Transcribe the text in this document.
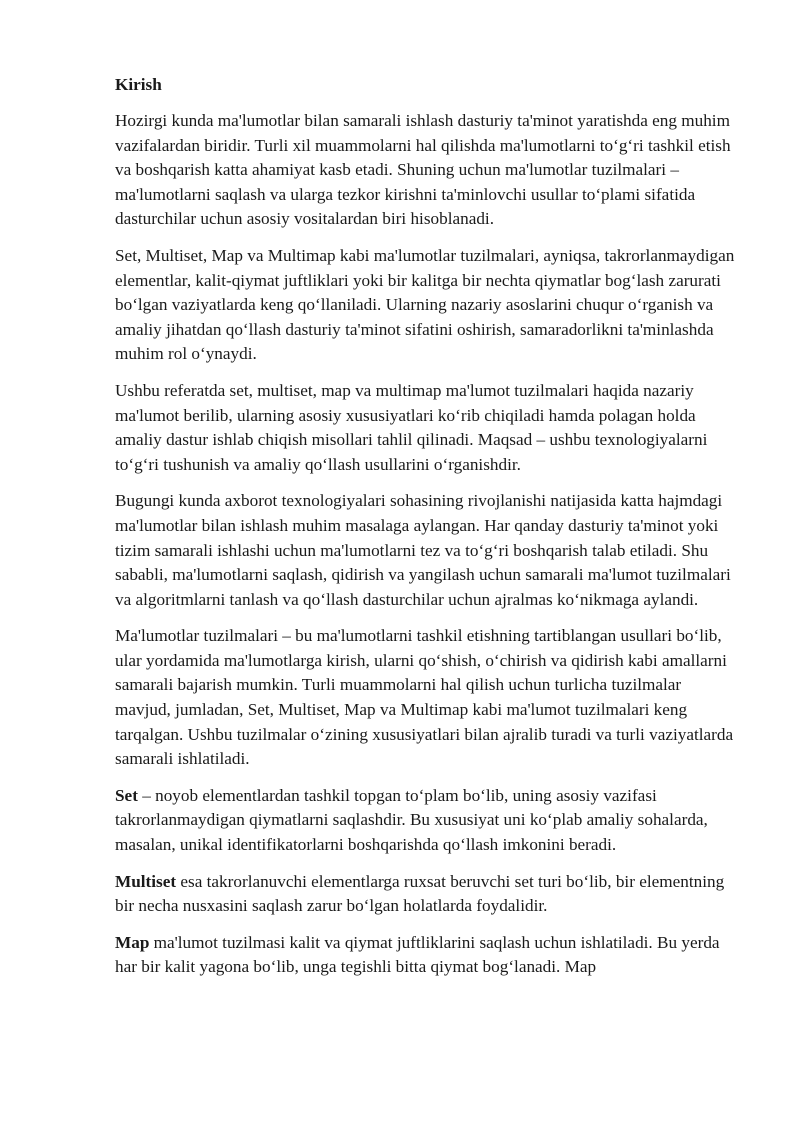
Kirish

Hozirgi kunda ma'lumotlar bilan samarali ishlash dasturiy ta'minot yaratishda eng muhim vazifalardan biridir. Turli xil muammolarni hal qilishda ma'lumotlarni to‘g‘ri tashkil etish va boshqarish katta ahamiyat kasb etadi. Shuning uchun ma'lumotlar tuzilmalari – ma'lumotlarni saqlash va ularga tezkor kirishni ta'minlovchi usullar to‘plami sifatida dasturchilar uchun asosiy vositalardan biri hisoblanadi.

Set, Multiset, Map va Multimap kabi ma'lumotlar tuzilmalari, ayniqsa, takrorlanmaydigan elementlar, kalit-qiymat juftliklari yoki bir kalitga bir nechta qiymatlar bog‘lash zarurati bo‘lgan vaziyatlarda keng qo‘llaniladi. Ularning nazariy asoslarini chuqur o‘rganish va amaliy jihatdan qo‘llash dasturiy ta'minot sifatini oshirish, samaradorlikni ta'minlashda muhim rol o‘ynaydi.

Ushbu referatda set, multiset, map va multimap ma'lumot tuzilmalari haqida nazariy ma'lumot berilib, ularning asosiy xususiyatlari ko‘rib chiqiladi hamda polagan holda amaliy dastur ishlab chiqish misollari tahlil qilinadi. Maqsad – ushbu texnologiyalarni to‘g‘ri tushunish va amaliy qo‘llash usullarini o‘rganishdir.

Bugungi kunda axborot texnologiyalari sohasining rivojlanishi natijasida katta hajmdagi ma'lumotlar bilan ishlash muhim masalaga aylangan. Har qanday dasturiy ta'minot yoki tizim samarali ishlashi uchun ma'lumotlarni tez va to‘g‘ri boshqarish talab etiladi. Shu sababli, ma'lumotlarni saqlash, qidirish va yangilash uchun samarali ma'lumot tuzilmalari va algoritmlarni tanlash va qo‘llash dasturchilar uchun ajralmas ko‘nikmaga aylandi.

Ma'lumotlar tuzilmalari – bu ma'lumotlarni tashkil etishning tartiblangan usullari bo‘lib, ular yordamida ma'lumotlarga kirish, ularni qo‘shish, o‘chirish va qidirish kabi amallarni samarali bajarish mumkin. Turli muammolarni hal qilish uchun turlicha tuzilmalar mavjud, jumladan, Set, Multiset, Map va Multimap kabi ma'lumot tuzilmalari keng tarqalgan. Ushbu tuzilmalar o‘zining xususiyatlari bilan ajralib turadi va turli vaziyatlarda samarali ishlatiladi.

Set – noyob elementlardan tashkil topgan to‘plam bo‘lib, uning asosiy vazifasi takrorlanmaydigan qiymatlarni saqlashdir. Bu xususiyat uni ko‘plab amaliy sohalarda, masalan, unikal identifikatorlarni boshqarishda qo‘llash imkonini beradi.

Multiset esa takrorlanuvchi elementlarga ruxsat beruvchi set turi bo‘lib, bir elementning bir necha nusxasini saqlash zarur bo‘lgan holatlarda foydalidir.

Map ma'lumot tuzilmasi kalit va qiymat juftliklarini saqlash uchun ishlatiladi. Bu yerda har bir kalit yagona bo‘lib, unga tegishli bitta qiymat bog‘lanadi. Map
